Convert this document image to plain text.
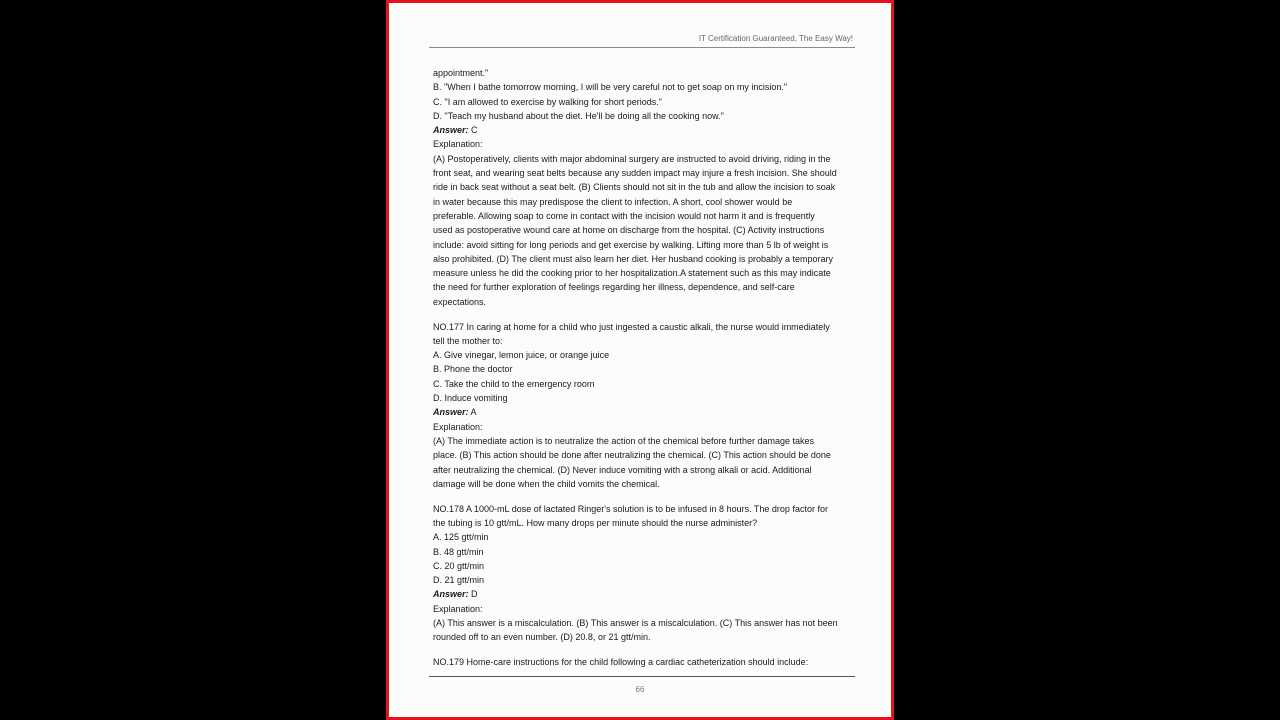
IT Certification Guaranteed, The Easy Way!
appointment."
B. "When I bathe tomorrow morning, I will be very careful not to get soap on my incision."
C. "I am allowed to exercise by walking for short periods."
D. "Teach my husband about the diet. He'll be doing all the cooking now."
Answer: C
Explanation:
(A) Postoperatively, clients with major abdominal surgery are instructed to avoid driving, riding in the
front seat, and wearing seat belts because any sudden impact may injure a fresh incision. She should
ride in back seat without a seat belt. (B) Clients should not sit in the tub and allow the incision to soak
in water because this may predispose the client to infection. A short, cool shower would be
preferable. Allowing soap to come in contact with the incision would not harm it and is frequently
used as postoperative wound care at home on discharge from the hospital. (C) Activity instructions
include: avoid sitting for long periods and get exercise by walking. Lifting more than 5 lb of weight is
also prohibited. (D) The client must also learn her diet. Her husband cooking is probably a temporary
measure unless he did the cooking prior to her hospitalization.A statement such as this may indicate
the need for further exploration of feelings regarding her illness, dependence, and self-care
expectations.
NO.177 In caring at home for a child who just ingested a caustic alkali, the nurse would immediately
tell the mother to:
A. Give vinegar, lemon juice, or orange juice
B. Phone the doctor
C. Take the child to the emergency room
D. Induce vomiting
Answer: A
Explanation:
(A) The immediate action is to neutralize the action of the chemical before further damage takes
place. (B) This action should be done after neutralizing the chemical. (C) This action should be done
after neutralizing the chemical. (D) Never induce vomiting with a strong alkali or acid. Additional
damage will be done when the child vomits the chemical.
NO.178 A 1000-mL dose of lactated Ringer's solution is to be infused in 8 hours. The drop factor for
the tubing is 10 gtt/mL. How many drops per minute should the nurse administer?
A. 125 gtt/min
B. 48 gtt/min
C. 20 gtt/min
D. 21 gtt/min
Answer: D
Explanation:
(A) This answer is a miscalculation. (B) This answer is a miscalculation. (C) This answer has not been
rounded off to an even number. (D) 20.8, or 21 gtt/min.
NO.179 Home-care instructions for the child following a cardiac catheterization should include:
66
